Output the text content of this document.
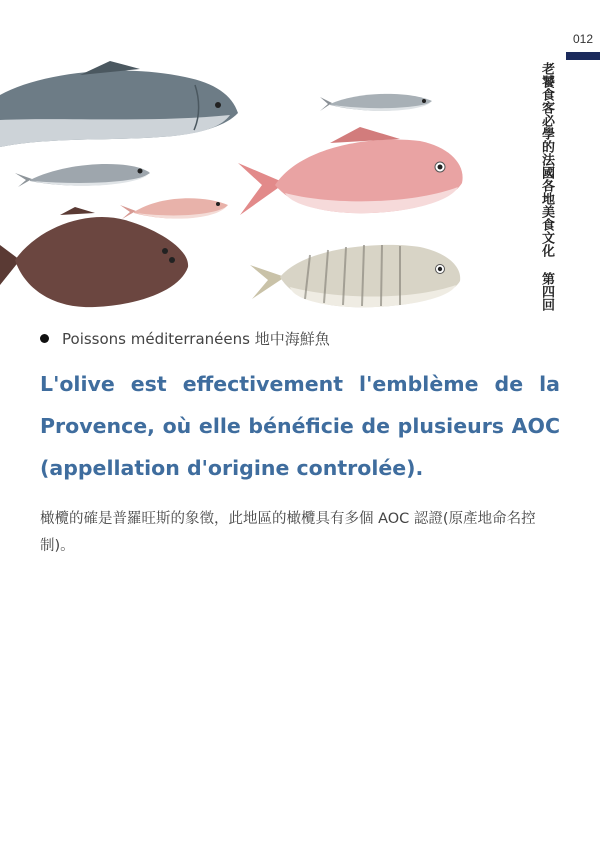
012
老饕食客必學的法國各地美食文化 第四回
Poissons méditerranéens 地中海鮮魚
L'olive est effectivement l'emblème de la Provence, où elle bénéficie de plusieurs AOC (appellation d'origine controlée).
橄欖的確是普羅旺斯的象徵，此地區的橄欖具有多個 AOC 認證(原產地命名控制)。
